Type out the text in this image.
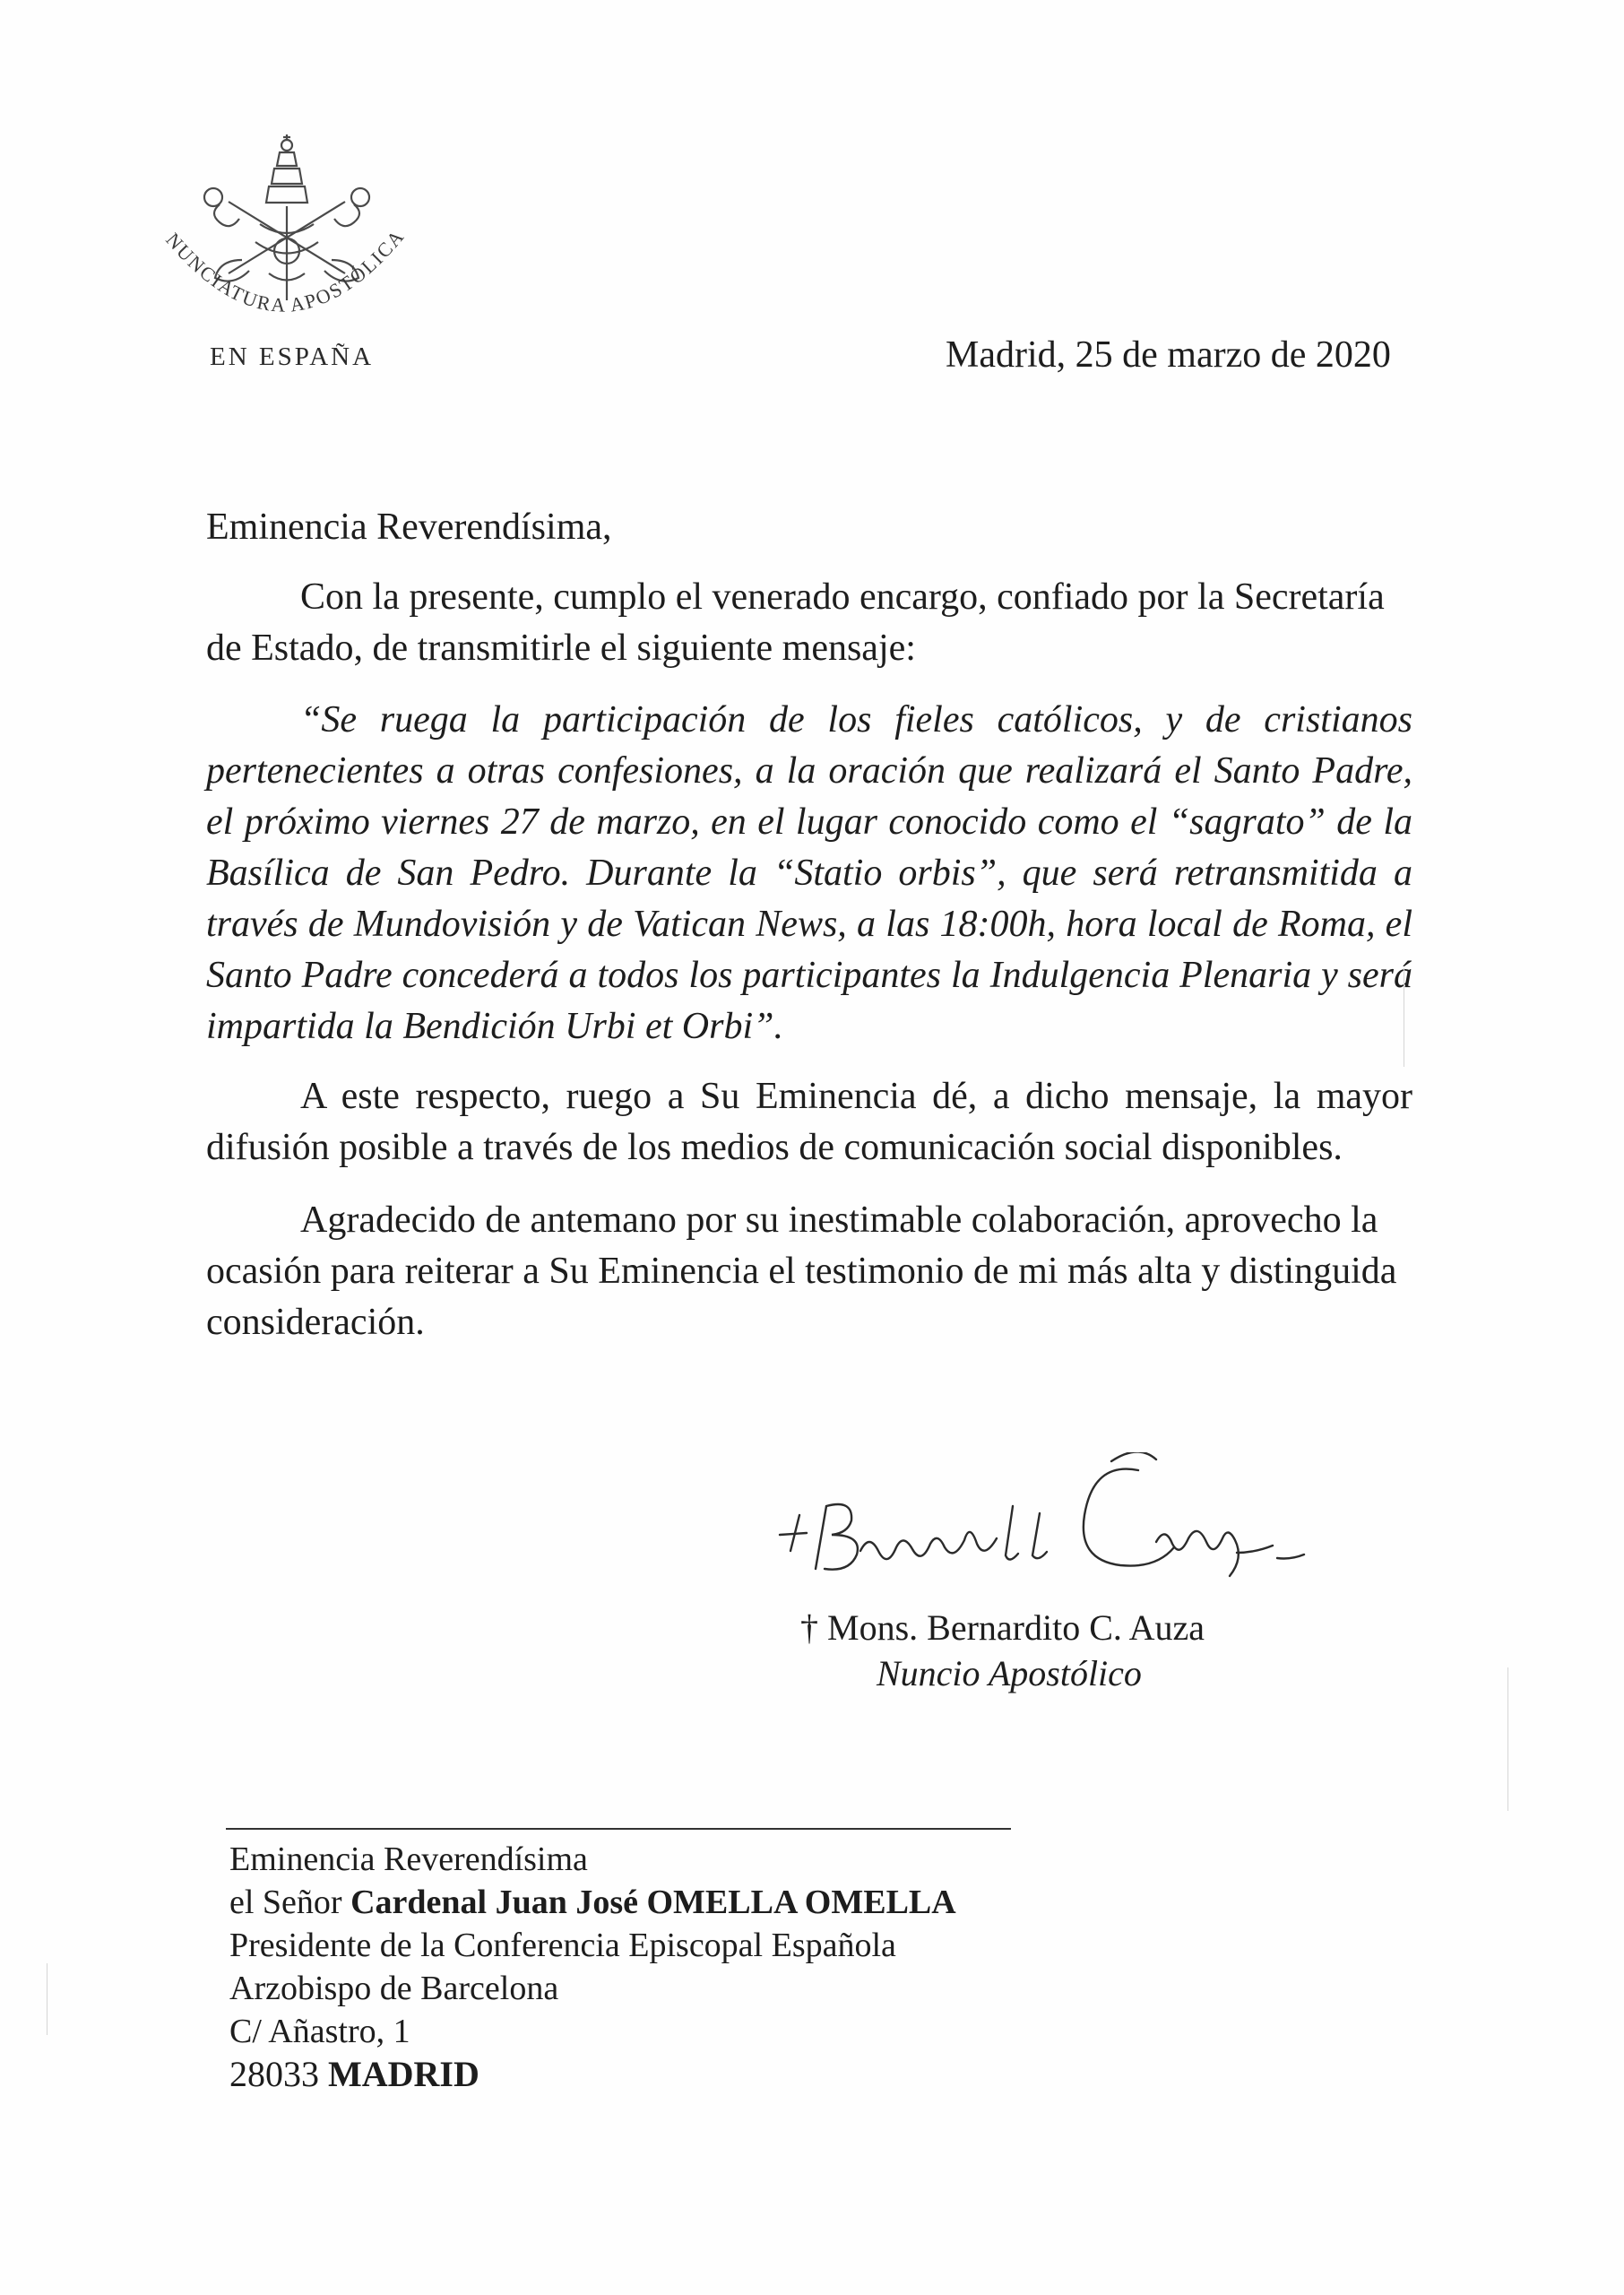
NUNCIATURA APOSTÓLICA
EN ESPAÑA	Madrid, 25 de marzo de 2020
Eminencia Reverendísima,
Con la presente, cumplo el venerado encargo, confiado por la Secretaría de Estado, de transmitirle el siguiente mensaje:
“Se ruega la participación de los fieles católicos, y de cristianos pertenecientes a otras confesiones, a la oración que realizará el Santo Padre, el próximo viernes 27 de marzo, en el lugar conocido como el “sagrato” de la Basílica de San Pedro. Durante la “Statio orbis”, que será retransmitida a través de Mundovisión y de Vatican News, a las 18:00h, hora local de Roma, el Santo Padre concederá a todos los participantes la Indulgencia Plenaria y será impartida la Bendición Urbi et Orbi”.
A este respecto, ruego a Su Eminencia dé, a dicho mensaje, la mayor difusión posible a través de los medios de comunicación social disponibles.
Agradecido de antemano por su inestimable colaboración, aprovecho la ocasión para reiterar a Su Eminencia el testimonio de mi más alta y distinguida consideración.
† Mons. Bernardito C. Auza
Nuncio Apostólico
Eminencia Reverendísima
el Señor Cardenal Juan José OMELLA OMELLA
Presidente de la Conferencia Episcopal Española
Arzobispo de Barcelona
C/ Añastro, 1
28033 MADRID
